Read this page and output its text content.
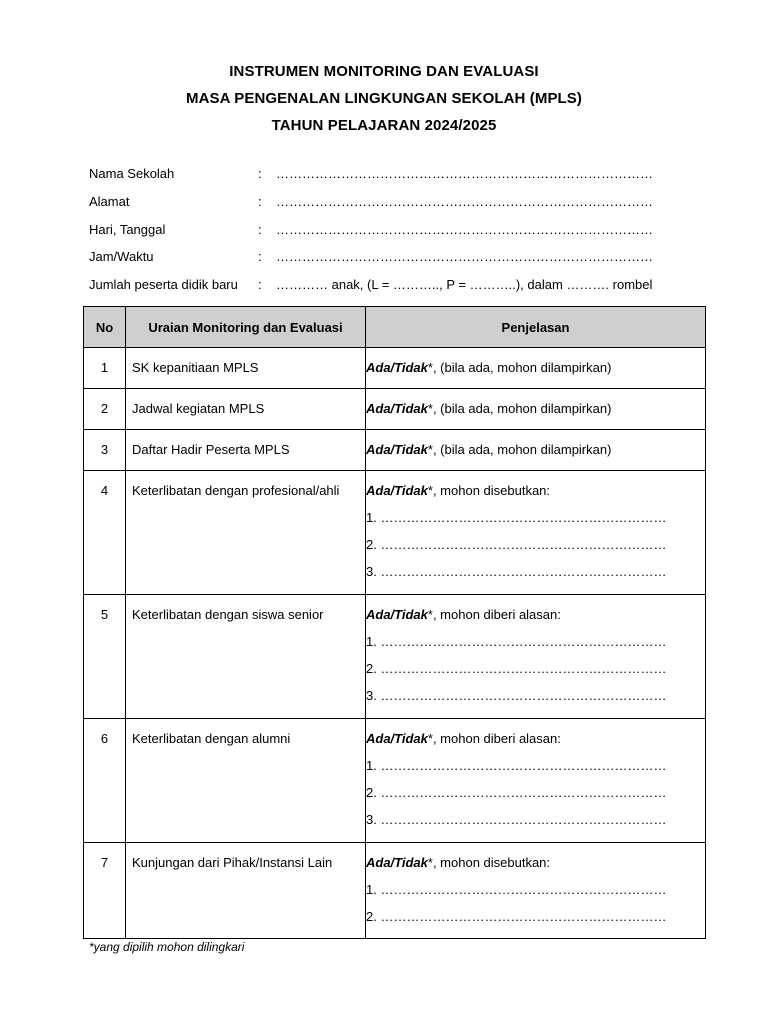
INSTRUMEN MONITORING DAN EVALUASI
MASA PENGENALAN LINGKUNGAN SEKOLAH (MPLS)
TAHUN PELAJARAN 2024/2025
Nama Sekolah	: ……………………………………………………………………………
Alamat	: ……………………………………………………………………………
Hari, Tanggal	: ……………………………………………………………………………
Jam/Waktu	: ……………………………………………………………………………
Jumlah peserta didik baru : ………… anak, (L = ……….., P = ………..), dalam ………. rombel
No	Uraian Monitoring dan Evaluasi	Penjelasan

1	SK kepanitiaan MPLS	Ada/Tidak*, (bila ada, mohon dilampirkan)

2	Jadwal kegiatan MPLS	Ada/Tidak*, (bila ada, mohon dilampirkan)

3	Daftar Hadir Peserta MPLS	Ada/Tidak*, (bila ada, mohon dilampirkan)

4	Keterlibatan dengan profesional/ahli	Ada/Tidak*, mohon disebutkan:
1. …………………………………………………………
2. …………………………………………………………
3. …………………………………………………………

5	Keterlibatan dengan siswa senior	Ada/Tidak*, mohon diberi alasan:
1. …………………………………………………………
2. …………………………………………………………
3. …………………………………………………………

6	Keterlibatan dengan alumni	Ada/Tidak*, mohon diberi alasan:
1. …………………………………………………………
2. …………………………………………………………
3. …………………………………………………………

7	Kunjungan dari Pihak/Instansi Lain	Ada/Tidak*, mohon disebutkan:
1. …………………………………………………………
2. …………………………………………………………
*yang dipilih mohon dilingkari
